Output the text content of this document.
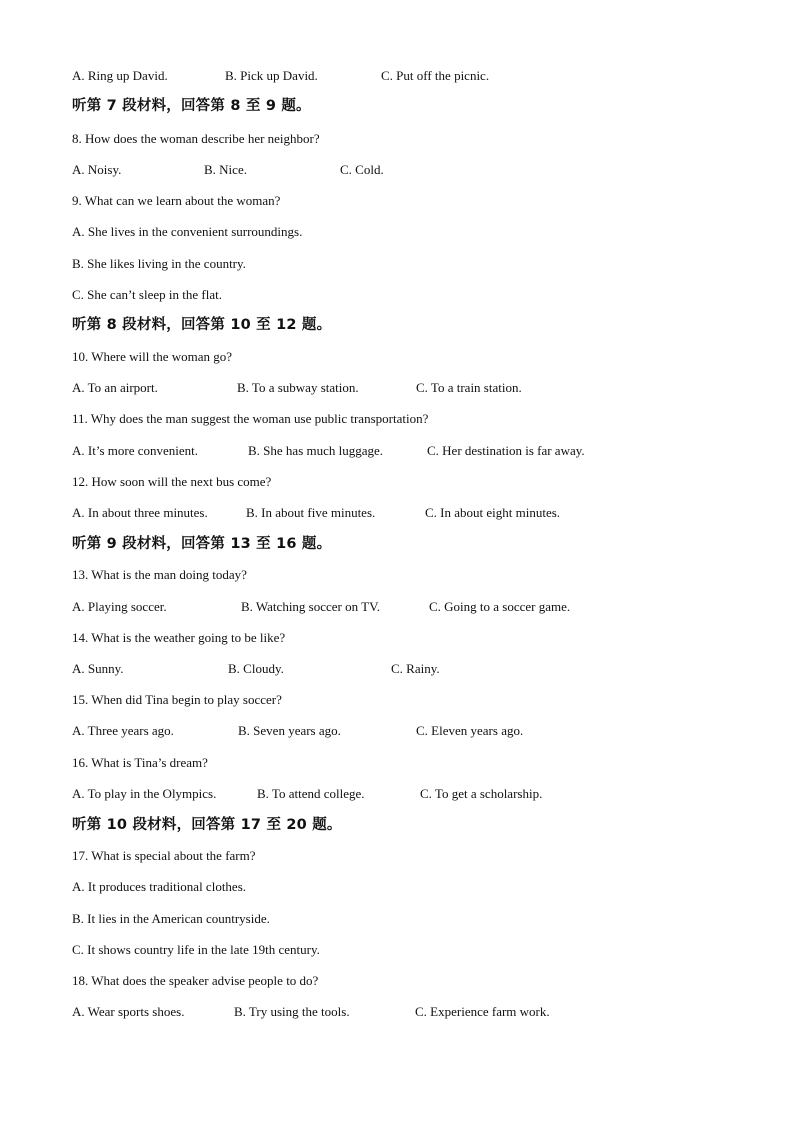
A. Ring up David.	B. Pick up David.	C. Put off the picnic.
听第 7 段材料，回答第 8 至 9 题。
8. How does the woman describe her neighbor?
A. Noisy.	B. Nice.	C. Cold.
9. What can we learn about the woman?
A. She lives in the convenient surroundings.
B. She likes living in the country.
C. She can’t sleep in the flat.
听第 8 段材料，回答第 10 至 12 题。
10. Where will the woman go?
A. To an airport.	B. To a subway station.	C. To a train station.
11. Why does the man suggest the woman use public transportation?
A. It’s more convenient.	B. She has much luggage.	C. Her destination is far away.
12. How soon will the next bus come?
A. In about three minutes.	B. In about five minutes.	C. In about eight minutes.
听第 9 段材料，回答第 13 至 16 题。
13. What is the man doing today?
A. Playing soccer.	B. Watching soccer on TV.	C. Going to a soccer game.
14. What is the weather going to be like?
A. Sunny.	B. Cloudy.	C. Rainy.
15. When did Tina begin to play soccer?
A. Three years ago.	B. Seven years ago.	C. Eleven years ago.
16. What is Tina’s dream?
A. To play in the Olympics.	B. To attend college.	C. To get a scholarship.
听第 10 段材料，回答第 17 至 20 题。
17. What is special about the farm?
A. It produces traditional clothes.
B. It lies in the American countryside.
C. It shows country life in the late 19th century.
18. What does the speaker advise people to do?
A. Wear sports shoes.	B. Try using the tools.	C. Experience farm work.
